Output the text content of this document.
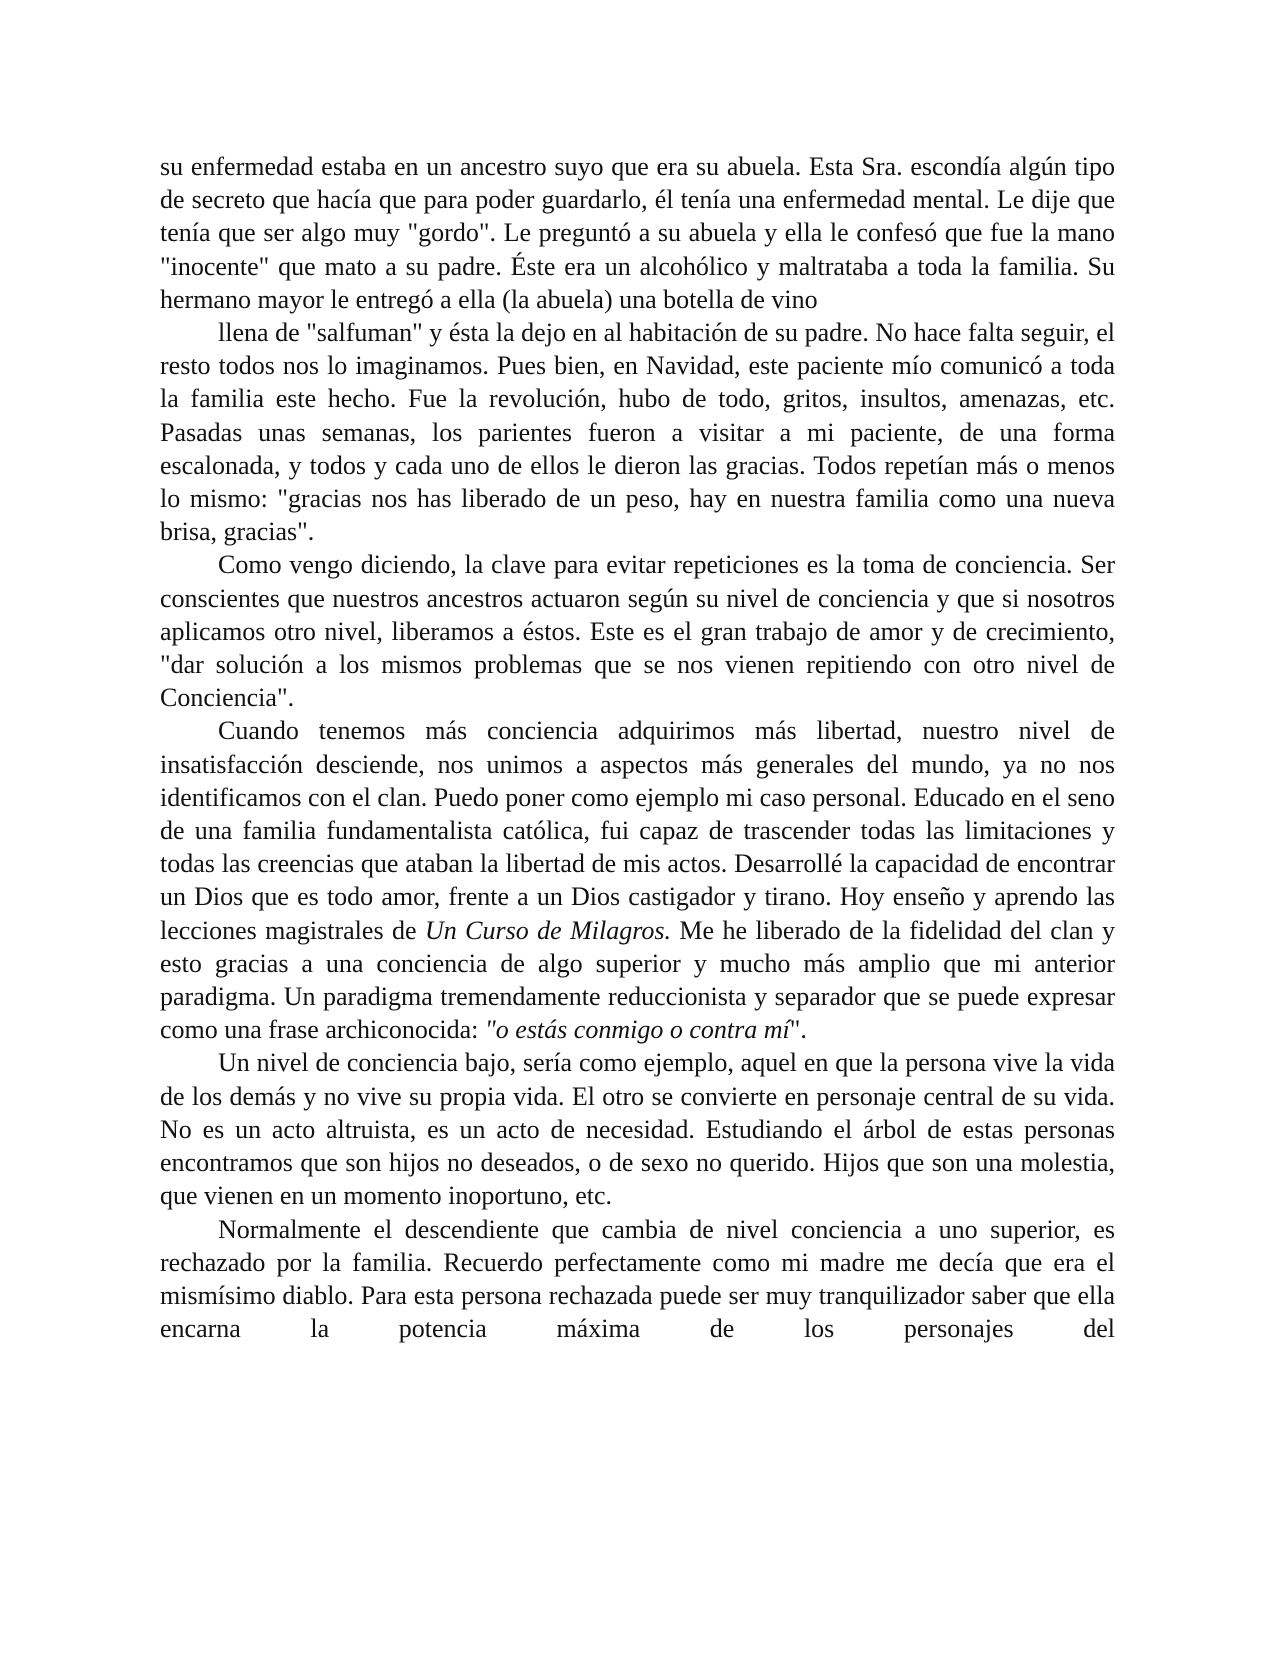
su enfermedad estaba en un ancestro suyo que era su abuela. Esta Sra. escondía algún tipo de secreto que hacía que para poder guardarlo, él tenía una enfermedad mental. Le dije que tenía que ser algo muy "gordo". Le preguntó a su abuela y ella le confesó que fue la mano "inocente" que mato a su padre. Éste era un alcohólico y maltrataba a toda la familia. Su hermano mayor le entregó a ella (la abuela) una botella de vino

llena de "salfuman" y ésta la dejo en al habitación de su padre. No hace falta seguir, el resto todos nos lo imaginamos. Pues bien, en Navidad, este paciente mío comunicó a toda la familia este hecho. Fue la revolución, hubo de todo, gritos, insultos, amenazas, etc. Pasadas unas semanas, los parientes fueron a visitar a mi paciente, de una forma escalonada, y todos y cada uno de ellos le dieron las gracias. Todos repetían más o menos lo mismo: "gracias nos has liberado de un peso, hay en nuestra familia como una nueva brisa, gracias".

Como vengo diciendo, la clave para evitar repeticiones es la toma de conciencia. Ser conscientes que nuestros ancestros actuaron según su nivel de conciencia y que si nosotros aplicamos otro nivel, liberamos a éstos. Este es el gran trabajo de amor y de crecimiento, "dar solución a los mismos problemas que se nos vienen repitiendo con otro nivel de Conciencia".

Cuando tenemos más conciencia adquirimos más libertad, nuestro nivel de insatisfacción desciende, nos unimos a aspectos más generales del mundo, ya no nos identificamos con el clan. Puedo poner como ejemplo mi caso personal. Educado en el seno de una familia fundamentalista católica, fui capaz de trascender todas las limitaciones y todas las creencias que ataban la libertad de mis actos. Desarrollé la capacidad de encontrar un Dios que es todo amor, frente a un Dios castigador y tirano. Hoy enseño y aprendo las lecciones magistrales de Un Curso de Milagros. Me he liberado de la fidelidad del clan y esto gracias a una conciencia de algo superior y mucho más amplio que mi anterior paradigma. Un paradigma tremendamente reduccionista y separador que se puede expresar como una frase archiconocida: "o estás conmigo o contra mí".

Un nivel de conciencia bajo, sería como ejemplo, aquel en que la persona vive la vida de los demás y no vive su propia vida. El otro se convierte en personaje central de su vida. No es un acto altruista, es un acto de necesidad. Estudiando el árbol de estas personas encontramos que son hijos no deseados, o de sexo no querido. Hijos que son una molestia, que vienen en un momento inoportuno, etc.

Normalmente el descendiente que cambia de nivel conciencia a uno superior, es rechazado por la familia. Recuerdo perfectamente como mi madre me decía que era el mismísimo diablo. Para esta persona rechazada puede ser muy tranquilizador saber que ella encarna la potencia máxima de los personajes del
